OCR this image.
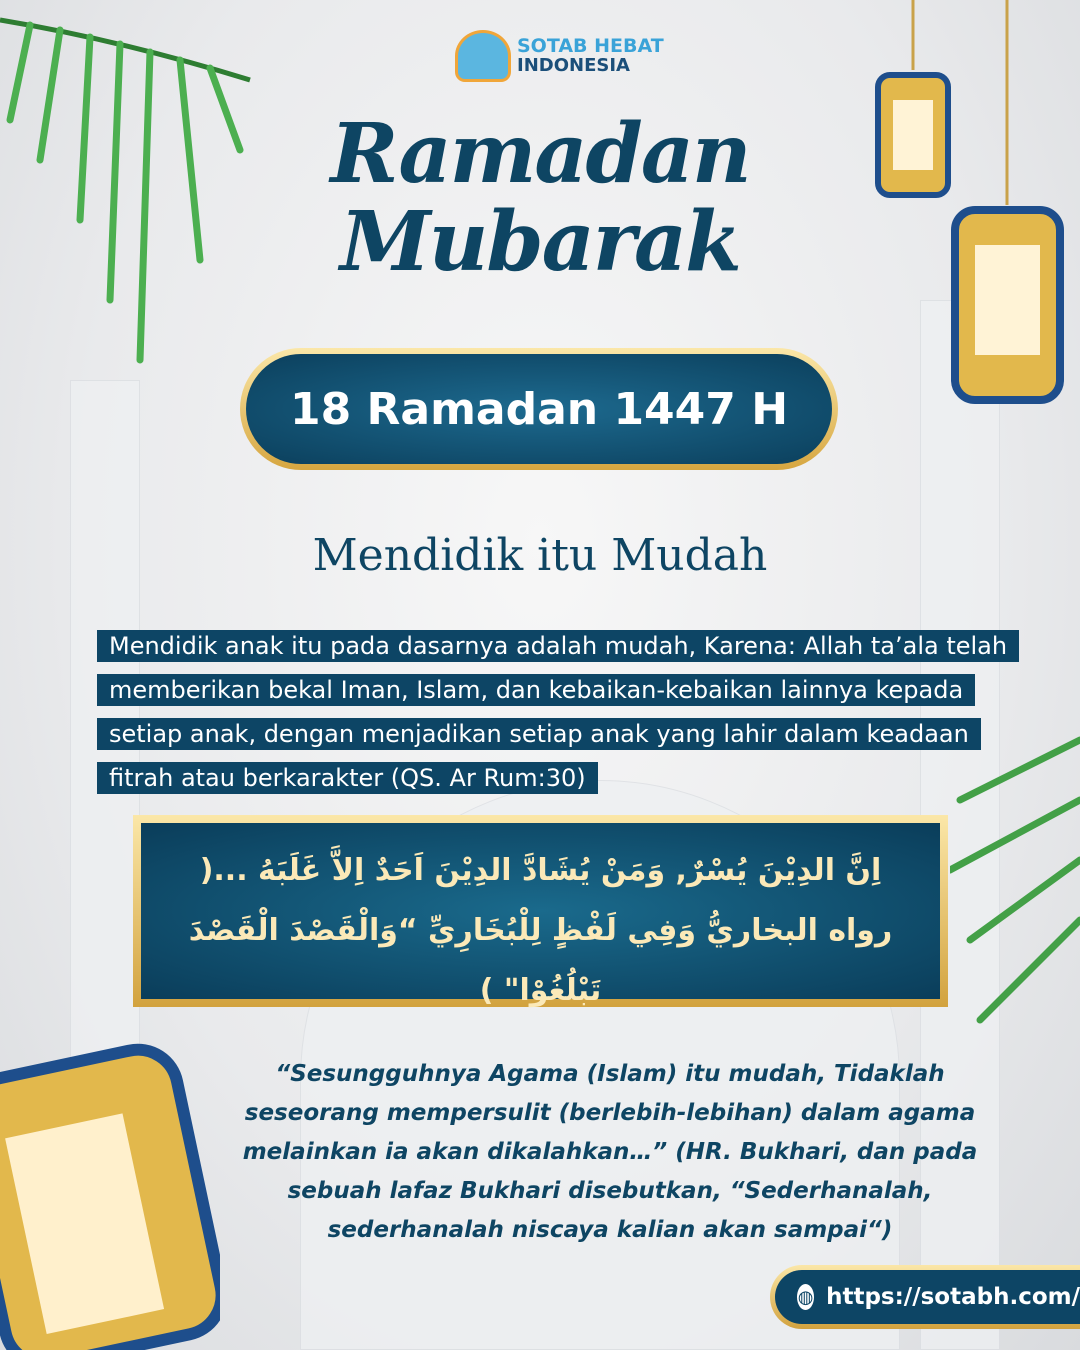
SOTAB HEBAT
INDONESIA
Ramadan
Mubarak
18 Ramadan 1447 H
Mendidik itu Mudah
Mendidik anak itu pada dasarnya adalah mudah, Karena: Allah ta’ala telah memberikan bekal Iman, Islam, dan kebaikan-kebaikan lainnya kepada setiap anak, dengan menjadikan setiap anak yang lahir dalam keadaan fitrah atau berkarakter (QS. Ar Rum:30)
اِنَّ الدِيْنَ يُسْرٌ, وَمَنْ يُشَادَّ الدِيْنَ اَحَدٌ اِلاَّ غَلَبَهُ ...( رواه البخاريُّ وَفِي لَفْظٍ لِلْبُخَارِيِّ “وَالْقَصْدَ الْقَصْدَ تَبْلُغُوْا" )
“Sesungguhnya Agama (Islam) itu mudah, Tidaklah seseorang mempersulit (berlebih-lebihan) dalam agama melainkan ia akan dikalahkan…” (HR. Bukhari, dan pada sebuah lafaz Bukhari disebutkan, “Sederhanalah, sederhanalah niscaya kalian akan sampai“)
◍ https://sotabh.com/
